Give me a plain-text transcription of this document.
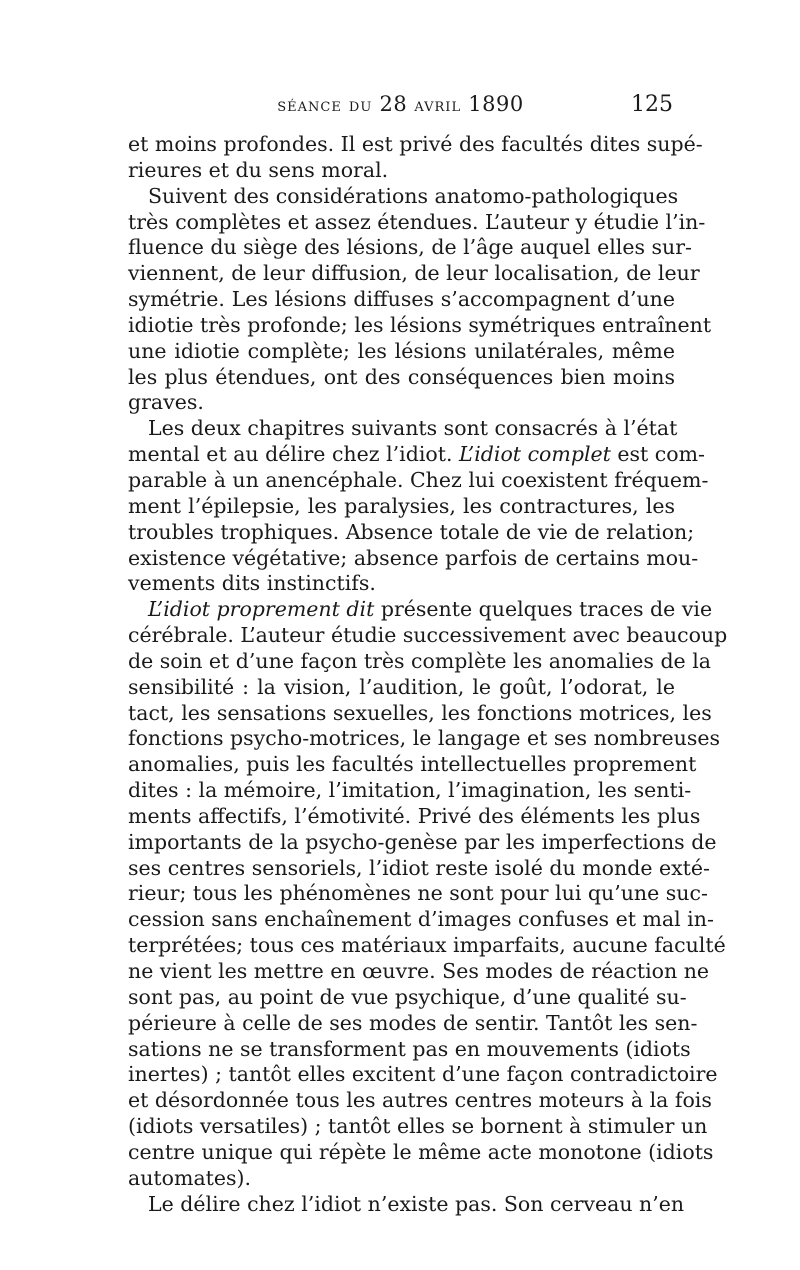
séance du 28 avril 1890	125
et moins profondes. Il est privé des facultés dites supé-
rieures et du sens moral.
Suivent des considérations anatomo-pathologiques
très complètes et assez étendues. L’auteur y étudie l’in-
fluence du siège des lésions, de l’âge auquel elles sur-
viennent, de leur diffusion, de leur localisation, de leur
symétrie. Les lésions diffuses s’accompagnent d’une
idiotie très profonde; les lésions symétriques entraînent
une idiotie complète; les lésions unilatérales, même
les plus étendues, ont des conséquences bien moins
graves.
Les deux chapitres suivants sont consacrés à l’état
mental et au délire chez l’idiot. L’idiot complet est com-
parable à un anencéphale. Chez lui coexistent fréquem-
ment l’épilepsie, les paralysies, les contractures, les
troubles trophiques. Absence totale de vie de relation;
existence végétative; absence parfois de certains mou-
vements dits instinctifs.
L’idiot proprement dit présente quelques traces de vie
cérébrale. L’auteur étudie successivement avec beaucoup
de soin et d’une façon très complète les anomalies de la
sensibilité : la vision, l’audition, le goût, l’odorat, le
tact, les sensations sexuelles, les fonctions motrices, les
fonctions psycho-motrices, le langage et ses nombreuses
anomalies, puis les facultés intellectuelles proprement
dites : la mémoire, l’imitation, l’imagination, les senti-
ments affectifs, l’émotivité. Privé des éléments les plus
importants de la psycho-genèse par les imperfections de
ses centres sensoriels, l’idiot reste isolé du monde exté-
rieur; tous les phénomènes ne sont pour lui qu’une suc-
cession sans enchaînement d’images confuses et mal in-
terprétées; tous ces matériaux imparfaits, aucune faculté
ne vient les mettre en œuvre. Ses modes de réaction ne
sont pas, au point de vue psychique, d’une qualité su-
périeure à celle de ses modes de sentir. Tantôt les sen-
sations ne se transforment pas en mouvements (idiots
inertes) ; tantôt elles excitent d’une façon contradictoire
et désordonnée tous les autres centres moteurs à la fois
(idiots versatiles) ; tantôt elles se bornent à stimuler un
centre unique qui répète le même acte monotone (idiots
automates).
Le délire chez l’idiot n’existe pas. Son cerveau n’en
